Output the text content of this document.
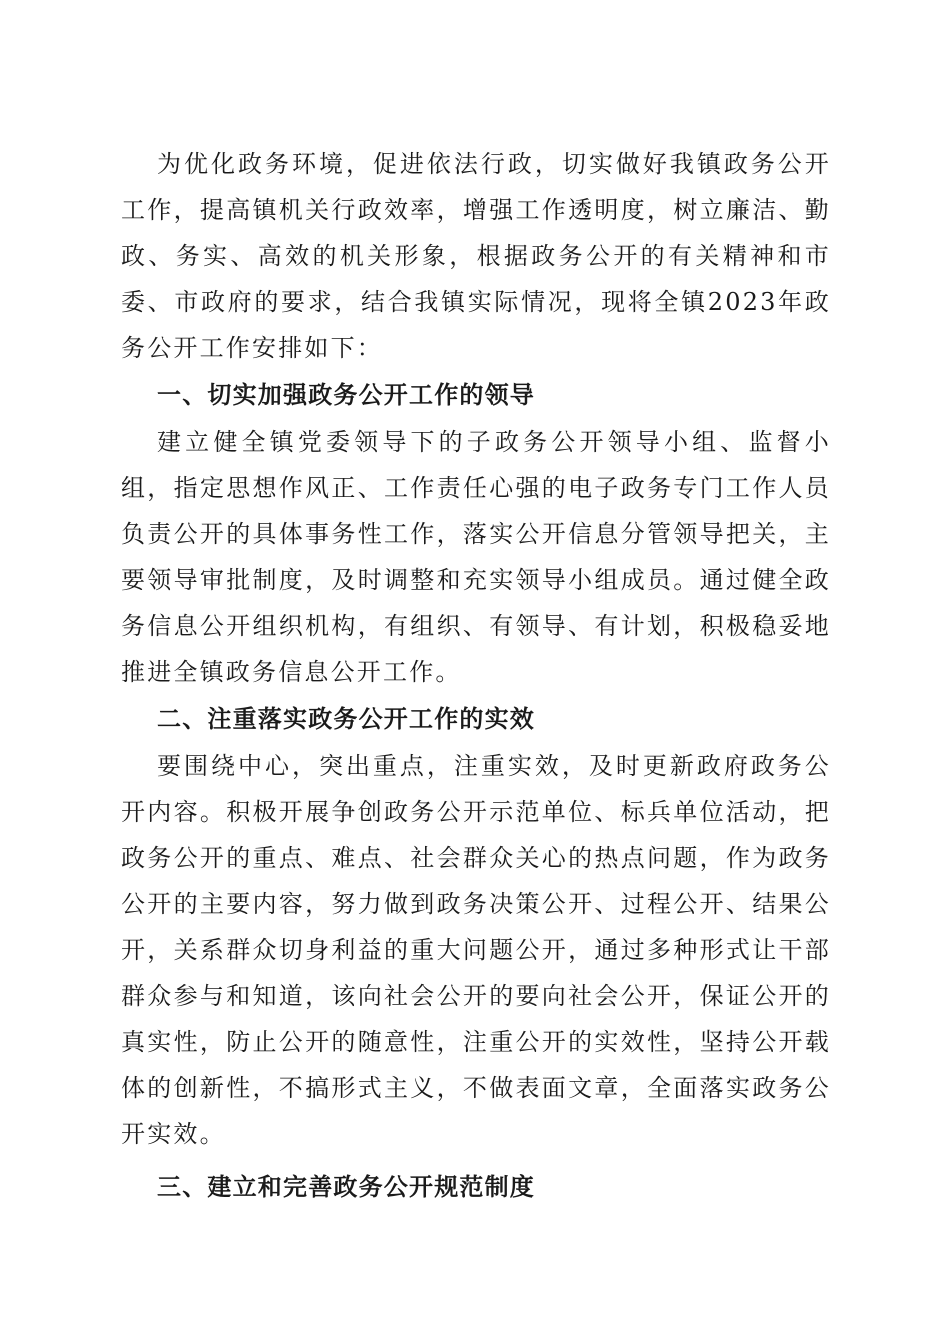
为优化政务环境，促进依法行政，切实做好我镇政务公开工作，提高镇机关行政效率，增强工作透明度，树立廉洁、勤政、务实、高效的机关形象，根据政务公开的有关精神和市委、市政府的要求，结合我镇实际情况，现将全镇2023年政务公开工作安排如下：

一、切实加强政务公开工作的领导

建立健全镇党委领导下的子政务公开领导小组、监督小组，指定思想作风正、工作责任心强的电子政务专门工作人员负责公开的具体事务性工作，落实公开信息分管领导把关，主要领导审批制度，及时调整和充实领导小组成员。通过健全政务信息公开组织机构，有组织、有领导、有计划，积极稳妥地推进全镇政务信息公开工作。

二、注重落实政务公开工作的实效

要围绕中心，突出重点，注重实效，及时更新政府政务公开内容。积极开展争创政务公开示范单位、标兵单位活动，把政务公开的重点、难点、社会群众关心的热点问题，作为政务公开的主要内容，努力做到政务决策公开、过程公开、结果公开，关系群众切身利益的重大问题公开，通过多种形式让干部群众参与和知道，该向社会公开的要向社会公开，保证公开的真实性，防止公开的随意性，注重公开的实效性，坚持公开载体的创新性，不搞形式主义，不做表面文章，全面落实政务公开实效。

三、建立和完善政务公开规范制度
